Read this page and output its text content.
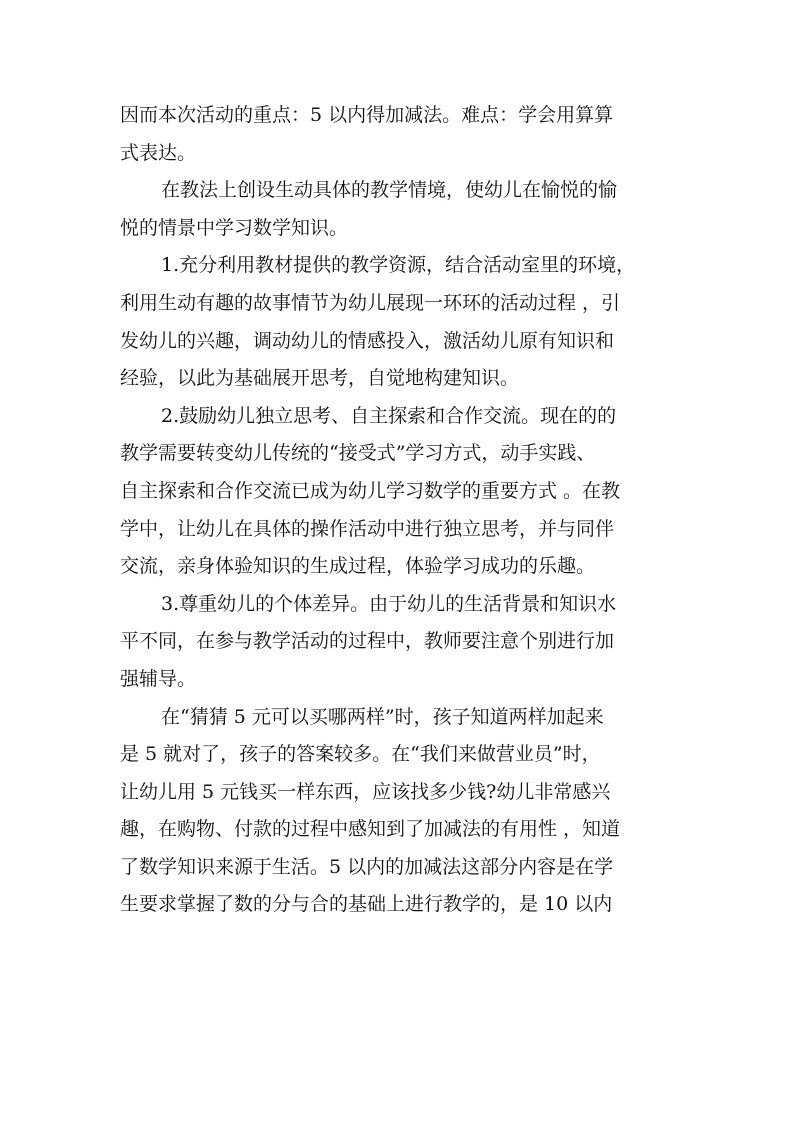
因而本次活动的重点：5 以内得加减法。难点：学会用算算
式表达。
在教法上创设生动具体的教学情境，使幼儿在愉悦的愉
悦的情景中学习数学知识。
1.充分利用教材提供的教学资源，结合活动室里的环境，
利用生动有趣的故事情节为幼儿展现一环环的活动过程 ，引
发幼儿的兴趣，调动幼儿的情感投入，激活幼儿原有知识和
经验，以此为基础展开思考，自觉地构建知识。
2.鼓励幼儿独立思考、自主探索和合作交流。现在的的
教学需要转变幼儿传统的“接受式”学习方式，动手实践、
自主探索和合作交流已成为幼儿学习数学的重要方式 。在教
学中，让幼儿在具体的操作活动中进行独立思考，并与同伴
交流，亲身体验知识的生成过程，体验学习成功的乐趣。
3.尊重幼儿的个体差异。由于幼儿的生活背景和知识水
平不同，在参与教学活动的过程中，教师要注意个别进行加
强辅导。
在“猜猜 5 元可以买哪两样”时，孩子知道两样加起来
是 5 就对了，孩子的答案较多。在“我们来做营业员”时，
让幼儿用 5 元钱买一样东西，应该找多少钱?幼儿非常感兴
趣，在购物、付款的过程中感知到了加减法的有用性 ，知道
了数学知识来源于生活。5 以内的加减法这部分内容是在学
生要求掌握了数的分与合的基础上进行教学的，是 10 以内
